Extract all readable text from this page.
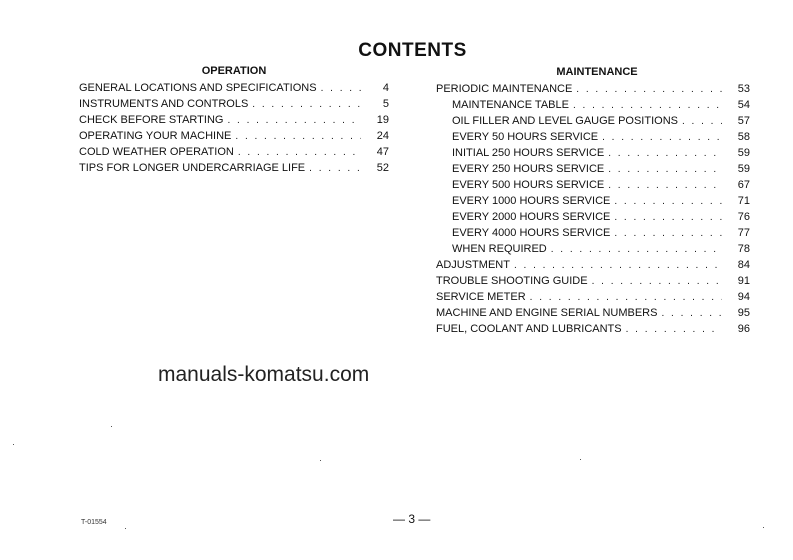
CONTENTS
OPERATION
GENERAL LOCATIONS AND SPECIFICATIONS . . .	4
INSTRUMENTS AND CONTROLS . . .	5
CHECK BEFORE STARTING . . .	19
OPERATING YOUR MACHINE . . .	24
COLD WEATHER OPERATION . . .	47
TIPS FOR LONGER UNDERCARRIAGE LIFE . . .	52
MAINTENANCE
PERIODIC MAINTENANCE . . .	53
MAINTENANCE TABLE . . .	54
OIL FILLER AND LEVEL GAUGE POSITIONS . . .	57
EVERY 50 HOURS SERVICE . . .	58
INITIAL 250 HOURS SERVICE . . .	59
EVERY 250 HOURS SERVICE . . .	59
EVERY 500 HOURS SERVICE . . .	67
EVERY 1000 HOURS SERVICE . . .	71
EVERY 2000 HOURS SERVICE . . .	76
EVERY 4000 HOURS SERVICE . . .	77
WHEN REQUIRED . . .	78
ADJUSTMENT . . .	84
TROUBLE SHOOTING GUIDE . . .	91
SERVICE METER . . .	94
MACHINE AND ENGINE SERIAL NUMBERS . . .	95
FUEL, COOLANT AND LUBRICANTS . . .	96
manuals-komatsu.com
— 3 —
T-01554
